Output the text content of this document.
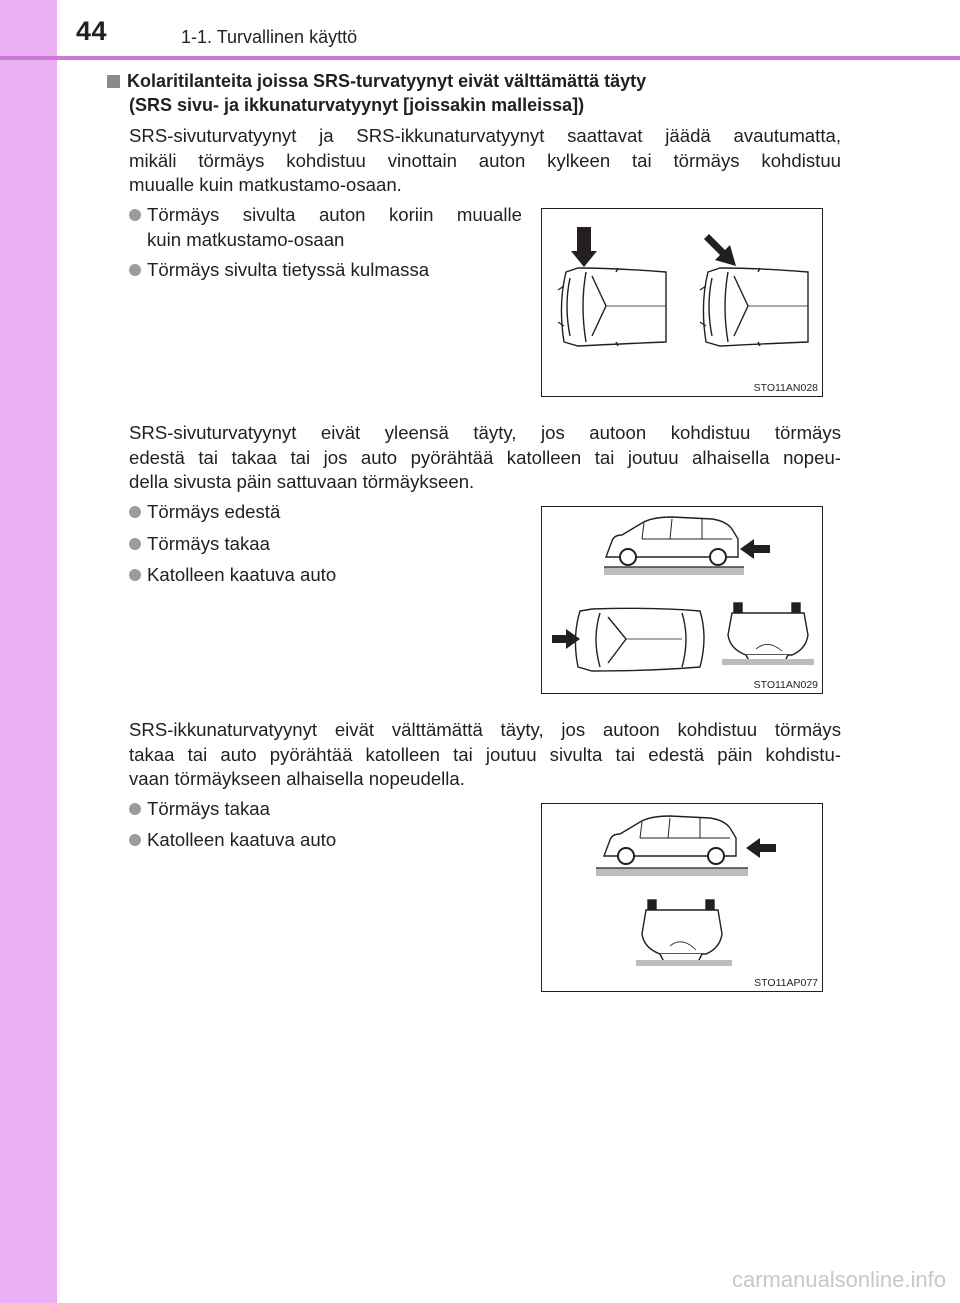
44	1-1. Turvallinen käyttö
Kolaritilanteita joissa SRS-turvatyynyt eivät välttämättä täyty
(SRS sivu- ja ikkunaturvatyynyt [joissakin malleissa])
SRS-sivuturvatyynyt ja SRS-ikkunaturvatyynyt saattavat jäädä avautumatta,
mikäli törmäys kohdistuu vinottain auton kylkeen tai törmäys kohdistuu
muualle kuin matkustamo-osaan.
Törmäys sivulta auton koriin muualle
kuin matkustamo-osaan
Törmäys sivulta tietyssä kulmassa
STO11AN028
SRS-sivuturvatyynyt eivät yleensä täyty, jos autoon kohdistuu törmäys
edestä tai takaa tai jos auto pyörähtää katolleen tai joutuu alhaisella nopeu-
della sivusta päin sattuvaan törmäykseen.
Törmäys edestä
Törmäys takaa
Katolleen kaatuva auto
STO11AN029
SRS-ikkunaturvatyynyt eivät välttämättä täyty, jos autoon kohdistuu törmäys
takaa tai auto pyörähtää katolleen tai joutuu sivulta tai edestä päin kohdistu-
vaan törmäykseen alhaisella nopeudella.
Törmäys takaa
Katolleen kaatuva auto
STO11AP077
carmanualsonline.info
